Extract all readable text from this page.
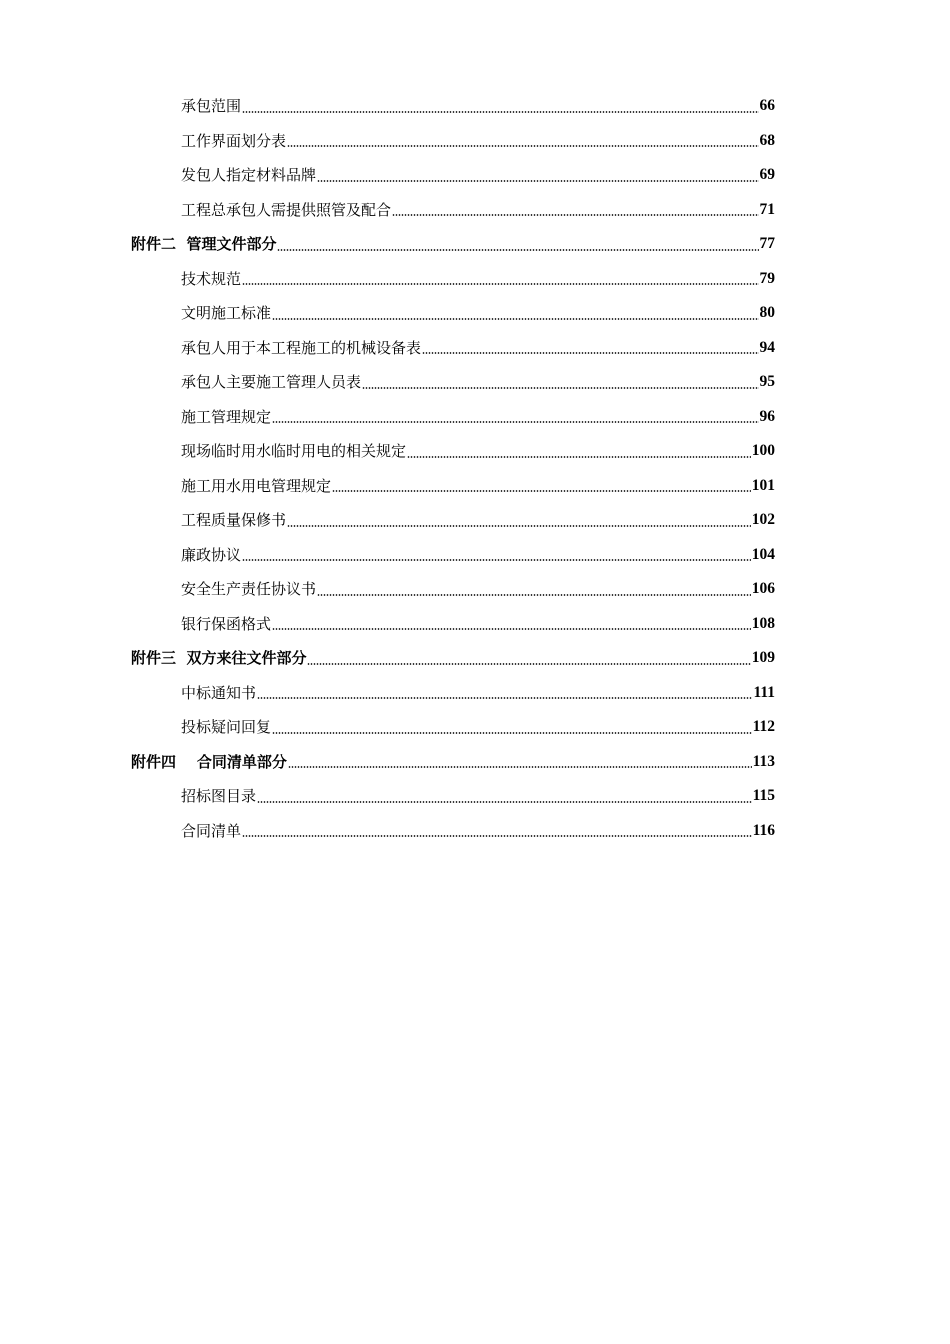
承包范围	66
工作界面划分表	68
发包人指定材料品牌	69
工程总承包人需提供照管及配合	71
附件二  管理文件部分	77
技术规范	79
文明施工标准	80
承包人用于本工程施工的机械设备表	94
承包人主要施工管理人员表	95
施工管理规定	96
现场临时用水临时用电的相关规定	100
施工用水用电管理规定	101
工程质量保修书	102
廉政协议	104
安全生产责任协议书	106
银行保函格式	108
附件三  双方来往文件部分	109
中标通知书	111
投标疑问回复	112
附件四    合同清单部分	113
招标图目录	115
合同清单	116
